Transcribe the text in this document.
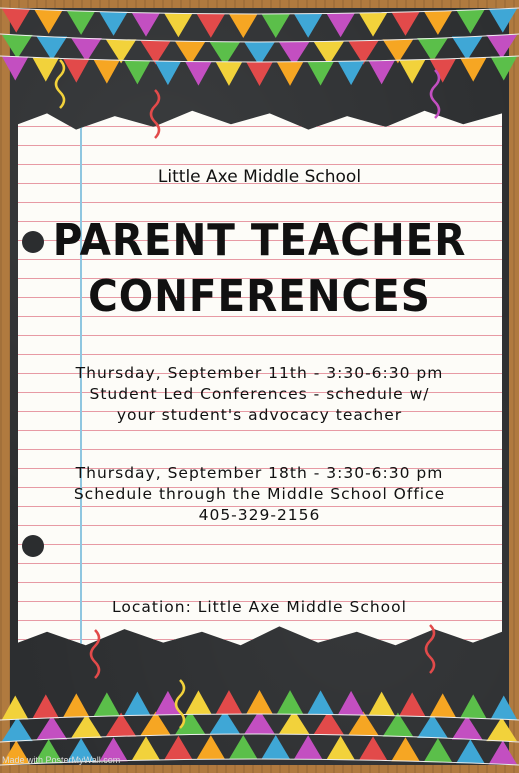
Little Axe Middle School
PARENT TEACHER
CONFERENCES
Thursday, September 11th - 3:30-6:30 pm
Student Led Conferences - schedule w/
your student's advocacy teacher
Thursday, September 18th - 3:30-6:30 pm
Schedule through the Middle School Office
405-329-2156
Location: Little Axe Middle School
Made with PosterMyWall.com
